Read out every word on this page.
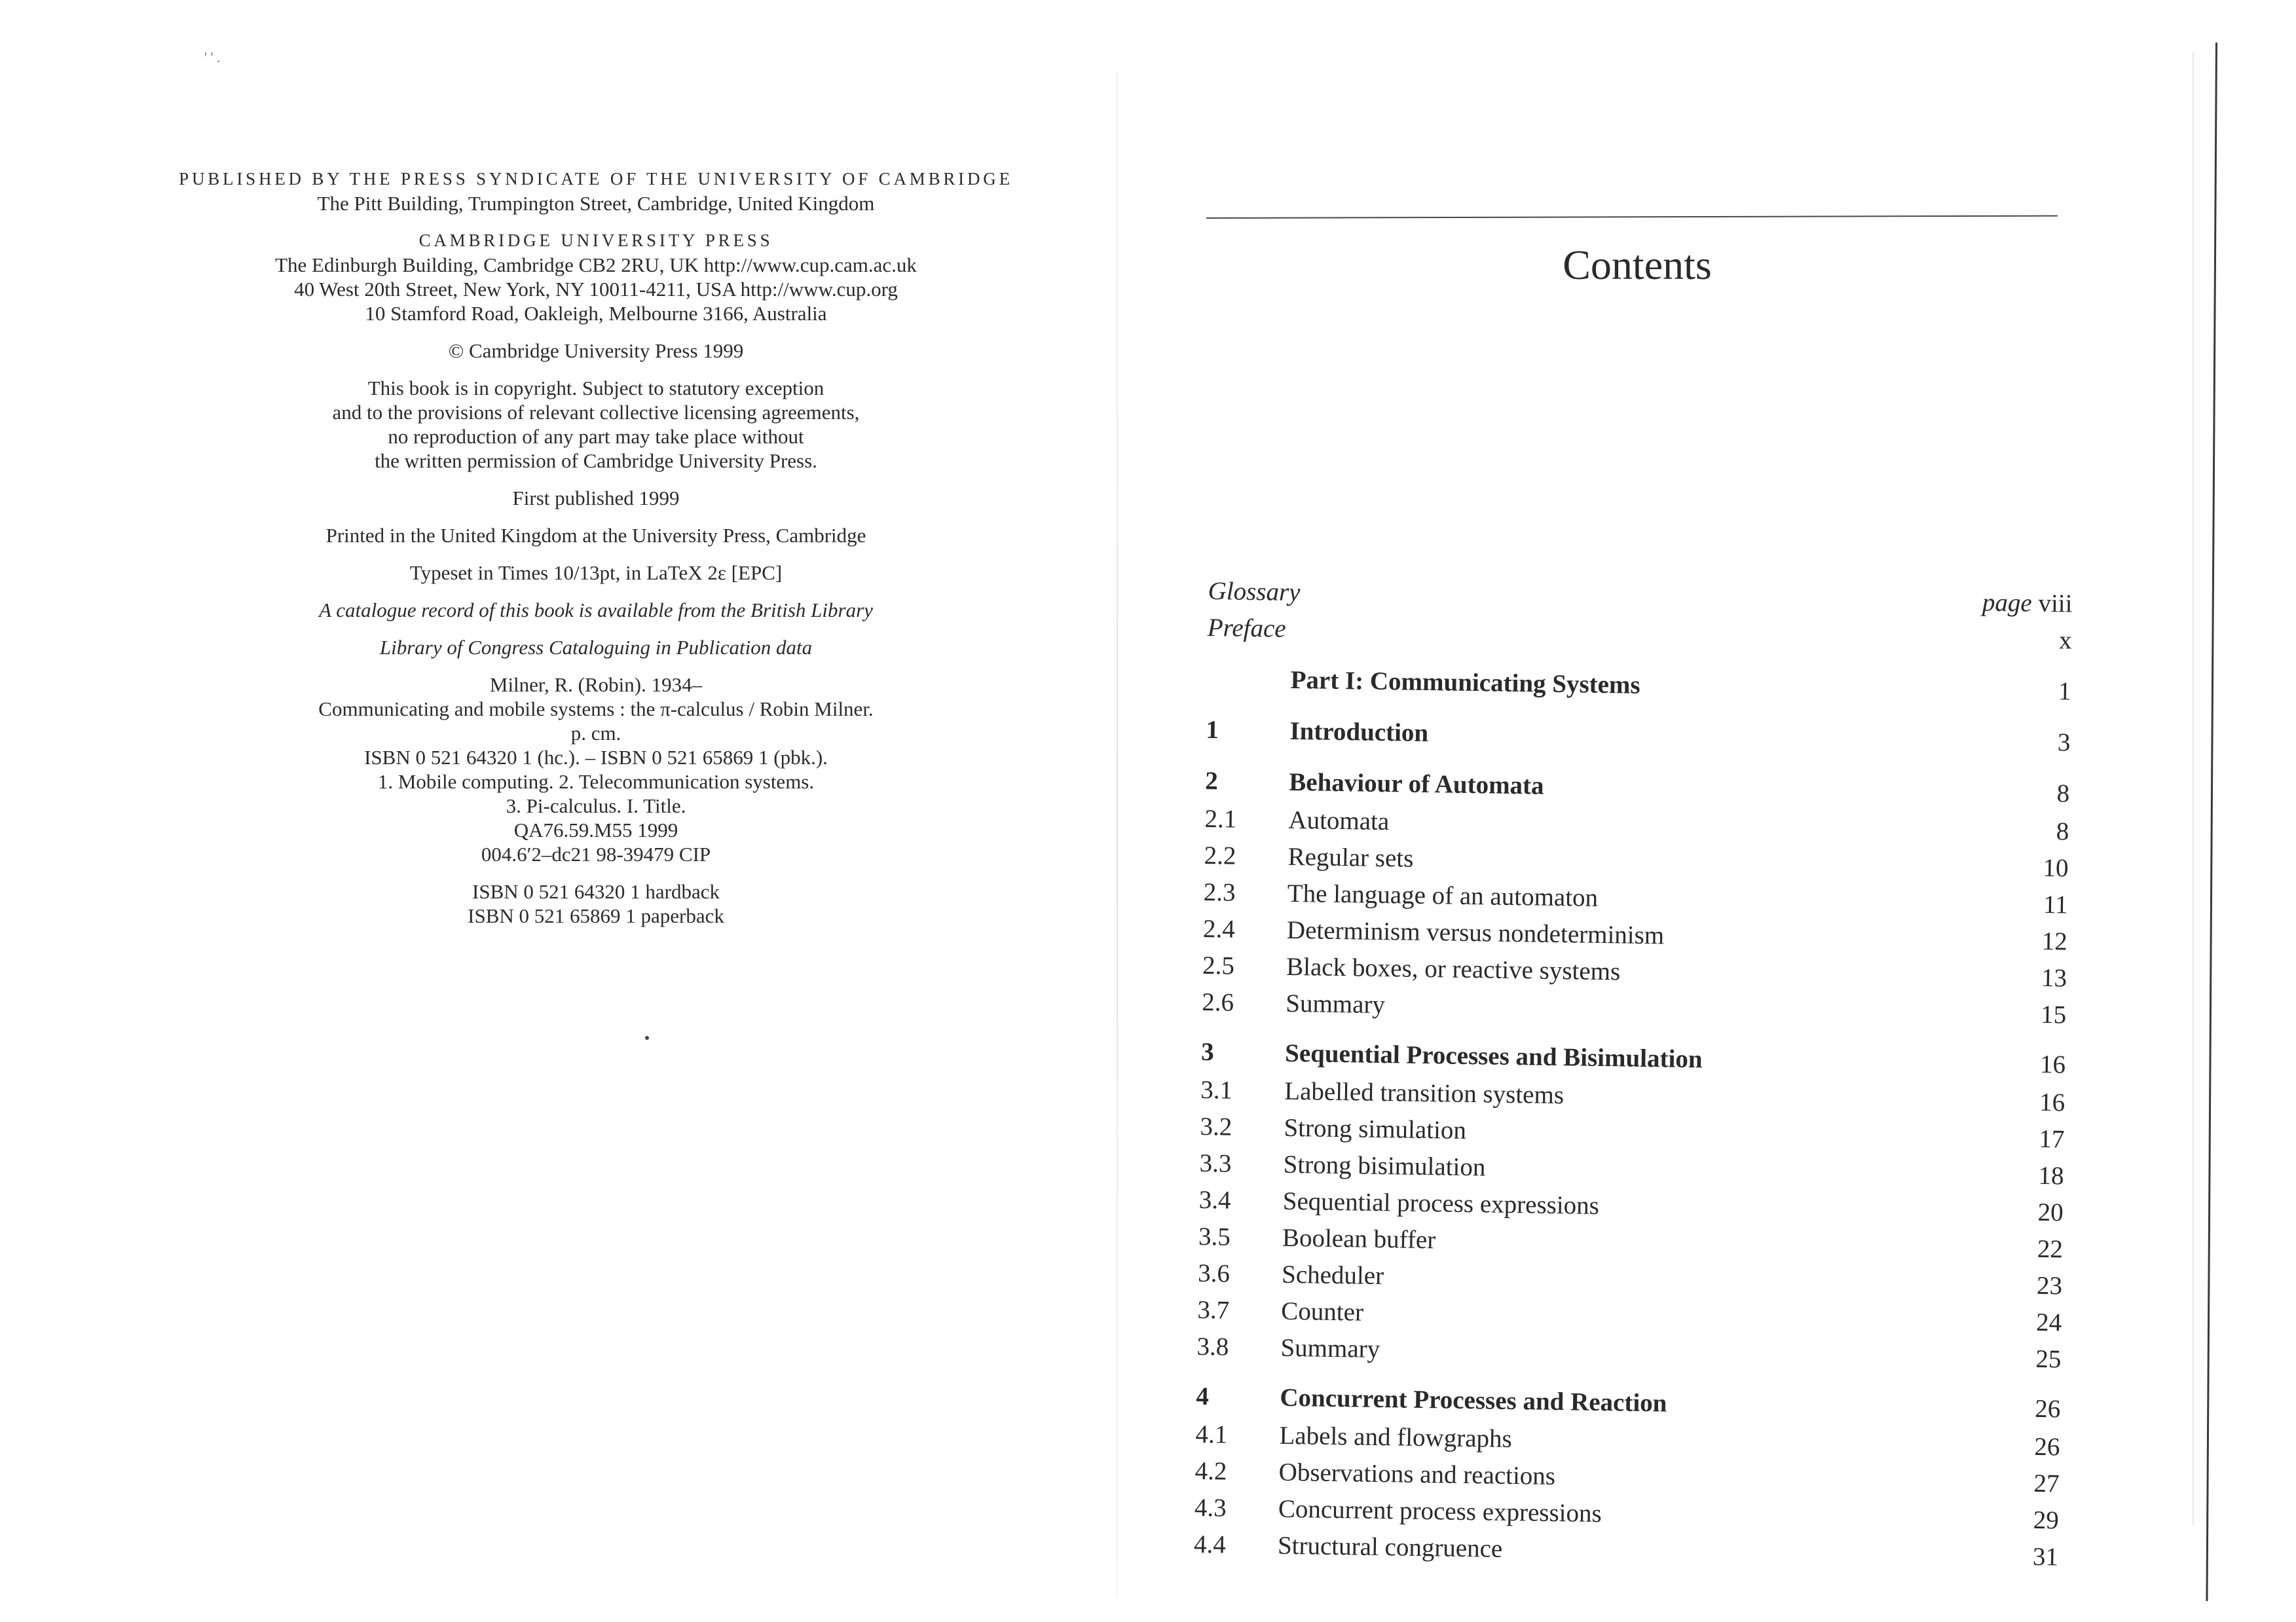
' ' .
PUBLISHED BY THE PRESS SYNDICATE OF THE UNIVERSITY OF CAMBRIDGE
The Pitt Building, Trumpington Street, Cambridge, United Kingdom
CAMBRIDGE UNIVERSITY PRESS
The Edinburgh Building, Cambridge CB2 2RU, UK http://www.cup.cam.ac.uk
40 West 20th Street, New York, NY 10011-4211, USA http://www.cup.org
10 Stamford Road, Oakleigh, Melbourne 3166, Australia
© Cambridge University Press 1999
This book is in copyright. Subject to statutory exception
and to the provisions of relevant collective licensing agreements,
no reproduction of any part may take place without
the written permission of Cambridge University Press.
First published 1999
Printed in the United Kingdom at the University Press, Cambridge
Typeset in Times 10/13pt, in LaTeX 2ε [EPC]
A catalogue record of this book is available from the British Library
Library of Congress Cataloguing in Publication data
Milner, R. (Robin). 1934–
Communicating and mobile systems : the π-calculus / Robin Milner.
p. cm.
ISBN 0 521 64320 1 (hc.). – ISBN 0 521 65869 1 (pbk.).
1. Mobile computing. 2. Telecommunication systems.
3. Pi-calculus. I. Title.
QA76.59.M55 1999
004.6′2–dc21 98-39479 CIP
ISBN 0 521 64320 1 hardback
ISBN 0 521 65869 1 paperback
Contents
Glossary	page viii
Preface	x
Part I: Communicating Systems	1
1	Introduction	3
2	Behaviour of Automata	8
2.1 Automata	8
2.2 Regular sets	10
2.3 The language of an automaton	11
2.4 Determinism versus nondeterminism	12
2.5 Black boxes, or reactive systems	13
2.6 Summary	15
3	Sequential Processes and Bisimulation	16
3.1 Labelled transition systems	16
3.2 Strong simulation	17
3.3 Strong bisimulation	18
3.4 Sequential process expressions	20
3.5 Boolean buffer	22
3.6 Scheduler	23
3.7 Counter	24
3.8 Summary	25
4	Concurrent Processes and Reaction	26
4.1 Labels and flowgraphs	26
4.2 Observations and reactions	27
4.3 Concurrent process expressions	29
4.4 Structural congruence	31
